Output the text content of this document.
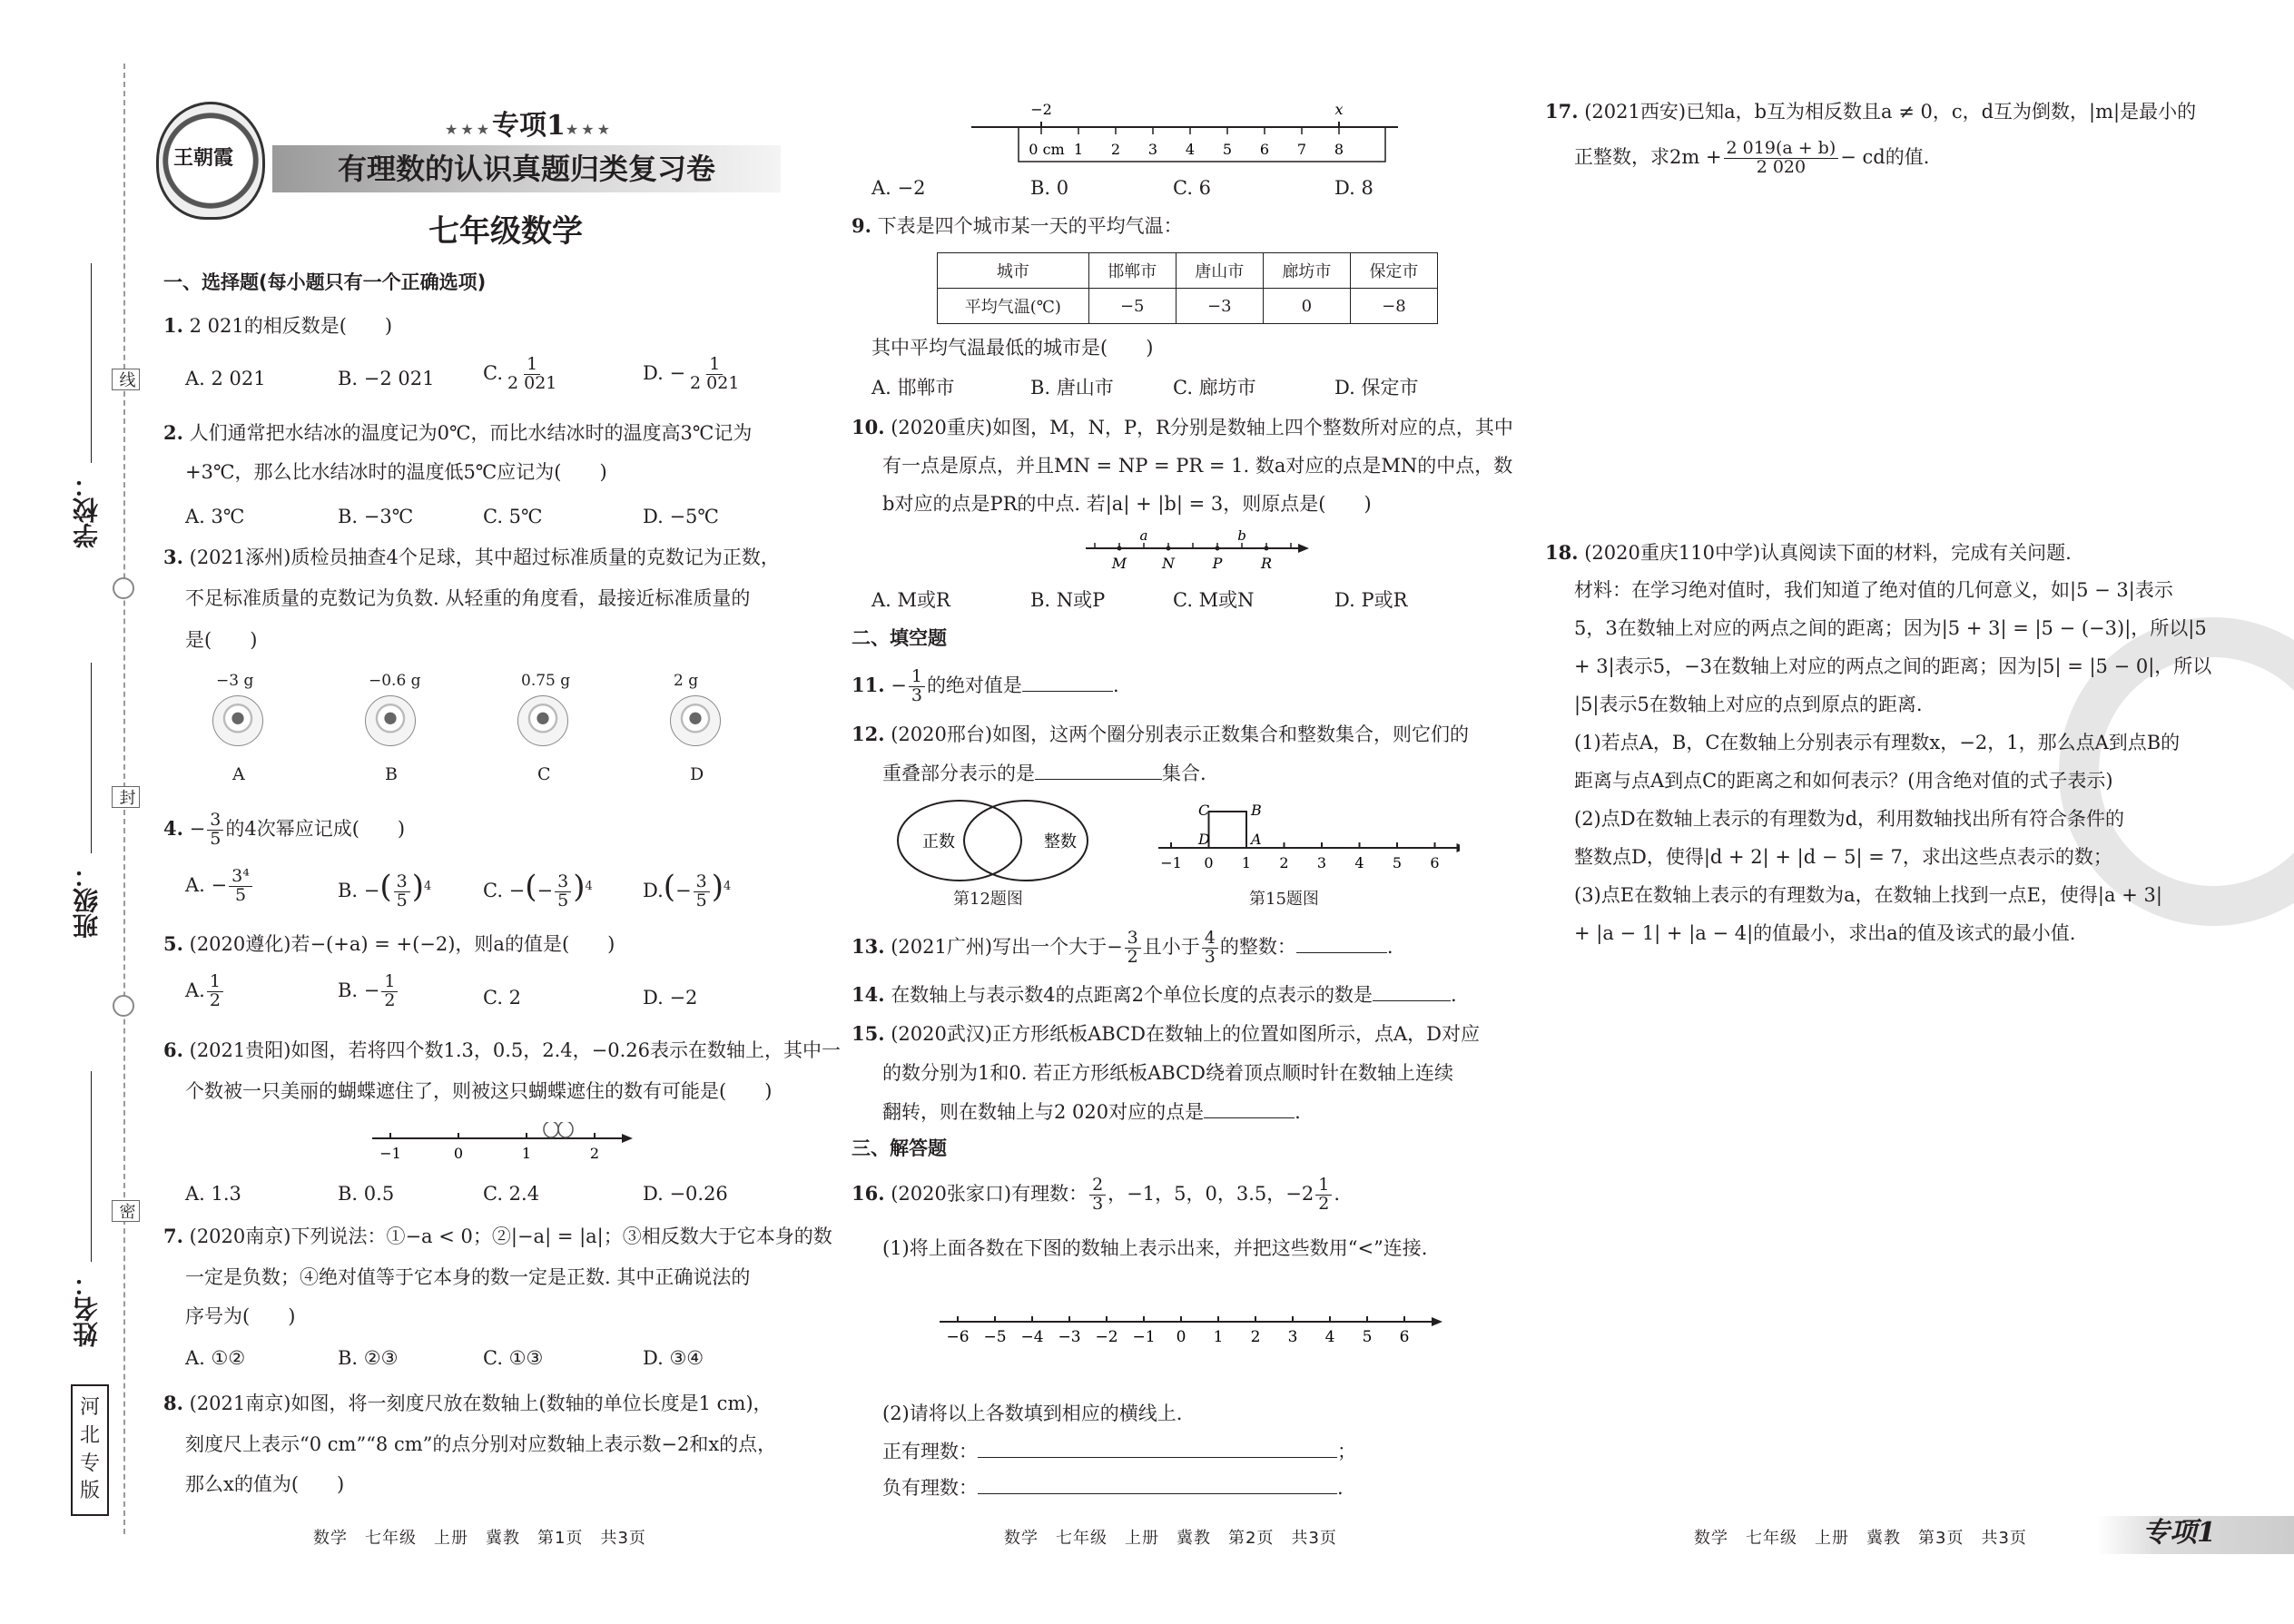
线
封
密
学校：
班级：
姓名：
河
北
专
版
王朝霞
★★★专项1★★★
有理数的认识真题归类复习卷
七年级数学
一、选择题(每小题只有一个正确选项)
1. 2 021的相反数是(　　)
A. 2 021	B. −2 021	C. $\frac{1}{2 021}$	D. − $\frac{1}{2 021}$
2. 人们通常把水结冰的温度记为0℃，而比水结冰时的温度高3℃记为
+3℃，那么比水结冰时的温度低5℃应记为(　　)
A. 3℃	B. −3℃	C. 5℃	D. −5℃
3. (2021涿州)质检员抽查4个足球，其中超过标准质量的克数记为正数，
不足标准质量的克数记为负数. 从轻重的角度看，最接近标准质量的
是(　　)
−3 g
A
−0.6 g
B
0.75 g
C
2 g
D
4. − $\frac{3}{5}$ 的4次幂应记成(　　)
A. − $\frac{\text{3⁴}}{5}$	B. −( $\frac{3}{5} )^4$	C. −(− $\frac{3}{5} )^4$	$D.(- \frac{3}{5} )^4$
5. (2020遵化)若−(+a) = +(−2)，则a的值是(　　)
A. $\frac{1}{2}$	B. − $\frac{1}{2}$	C. 2	D. −2
6. (2021贵阳)如图，若将四个数1.3，0.5，2.4，−0.26表示在数轴上，其中一
个数被一只美丽的蝴蝶遮住了，则被这只蝴蝶遮住的数有可能是(　　)
−1	0	1	2
A. 1.3	B. 0.5	C. 2.4	D. −0.26
7. (2020南京)下列说法：①−a < 0；②|−a| = |a|；③相反数大于它本身的数
一定是负数；④绝对值等于它本身的数一定是正数. 其中正确说法的
序号为(　　)
A. ①②	B. ②③	C. ①③	D. ③④
8. (2021南京)如图，将一刻度尺放在数轴上(数轴的单位长度是1 cm)，
刻度尺上表示“0 cm”“8 cm”的点分别对应数轴上表示数−2和x的点，
那么x的值为(　　)
数学　七年级　上册　冀教　第1页　共3页
0 cm 1 2 3 4 5 6 7 8
−2	x
A. −2	B. 0	C. 6	D. 8
9. 下表是四个城市某一天的平均气温：
城市	邯郸市	唐山市	廊坊市	保定市
平均气温(℃)	−5	−3	0	−8
其中平均气温最低的城市是(　　)
A. 邯郸市	B. 唐山市	C. 廊坊市	D. 保定市
10. (2020重庆)如图，M，N，P，R分别是数轴上四个整数所对应的点，其中
有一点是原点，并且MN = NP = PR = 1. 数a对应的点是MN的中点，数
b对应的点是PR的中点. 若|a| + |b| = 3，则原点是(　　)
M N	P	R
a	b
A. M或R	B. N或P	C. M或N	D. P或R
二、填空题
11. − $\frac{1}{3}$ 的绝对值是	.
12. (2020邢台)如图，这两个圈分别表示正数集合和整数集合，则它们的
重叠部分表示的是	集合.
正数	整数
第12题图
−1 0 1 2 3 4 5 6
C	B
D	A
第15题图
13. (2021广州)写出一个大于− $\frac{3}{2}$ 且小于 $\frac{4}{3}$ 的整数：	.
14. 在数轴上与表示数4的点距离2个单位长度的点表示的数是	.
15. (2020武汉)正方形纸板ABCD在数轴上的位置如图所示，点A，D对应
的数分别为1和0. 若正方形纸板ABCD绕着顶点顺时针在数轴上连续
翻转，则在数轴上与2 020对应的点是	.
三、解答题
16. (2020张家口)有理数： $\frac{2}{3}$ ，−1，5，0，3.5，$-2 \frac{1}{2}$ .
(1)将上面各数在下图的数轴上表示出来，并把这些数用“<”连接.
−6 −5 −4 −3 −2 −1 0 1 2 3 4 5 6
(2)请将以上各数填到相应的横线上.
正有理数：	；
负有理数：	.
数学　七年级　上册　冀教　第2页　共3页
17. (2021西安)已知a，b互为相反数且a ≠ 0，c，d互为倒数，|m|是最小的
正整数，求$2m + \frac{2 019(a + b)}{2 020}$ − cd的值.
18. (2020重庆110中学)认真阅读下面的材料，完成有关问题.
材料：在学习绝对值时，我们知道了绝对值的几何意义，如|5 − 3|表示
5，3在数轴上对应的两点之间的距离；因为|5 + 3| = |5 − (−3)|，所以|5
+ 3|表示5，−3在数轴上对应的两点之间的距离；因为|5| = |5 − 0|，所以
|5|表示5在数轴上对应的点到原点的距离.
(1)若点A，B，C在数轴上分别表示有理数x，−2，1，那么点A到点B的
距离与点A到点C的距离之和如何表示？(用含绝对值的式子表示)
(2)点D在数轴上表示的有理数为d，利用数轴找出所有符合条件的
整数点D，使得|d + 2| + |d − 5| = 7，求出这些点表示的数；
(3)点E在数轴上表示的有理数为a，在数轴上找到一点E，使得|a + 3|
+ |a − 1| + |a − 4|的值最小，求出a的值及该式的最小值.
数学　七年级　上册　冀教　第3页　共3页	专项1
